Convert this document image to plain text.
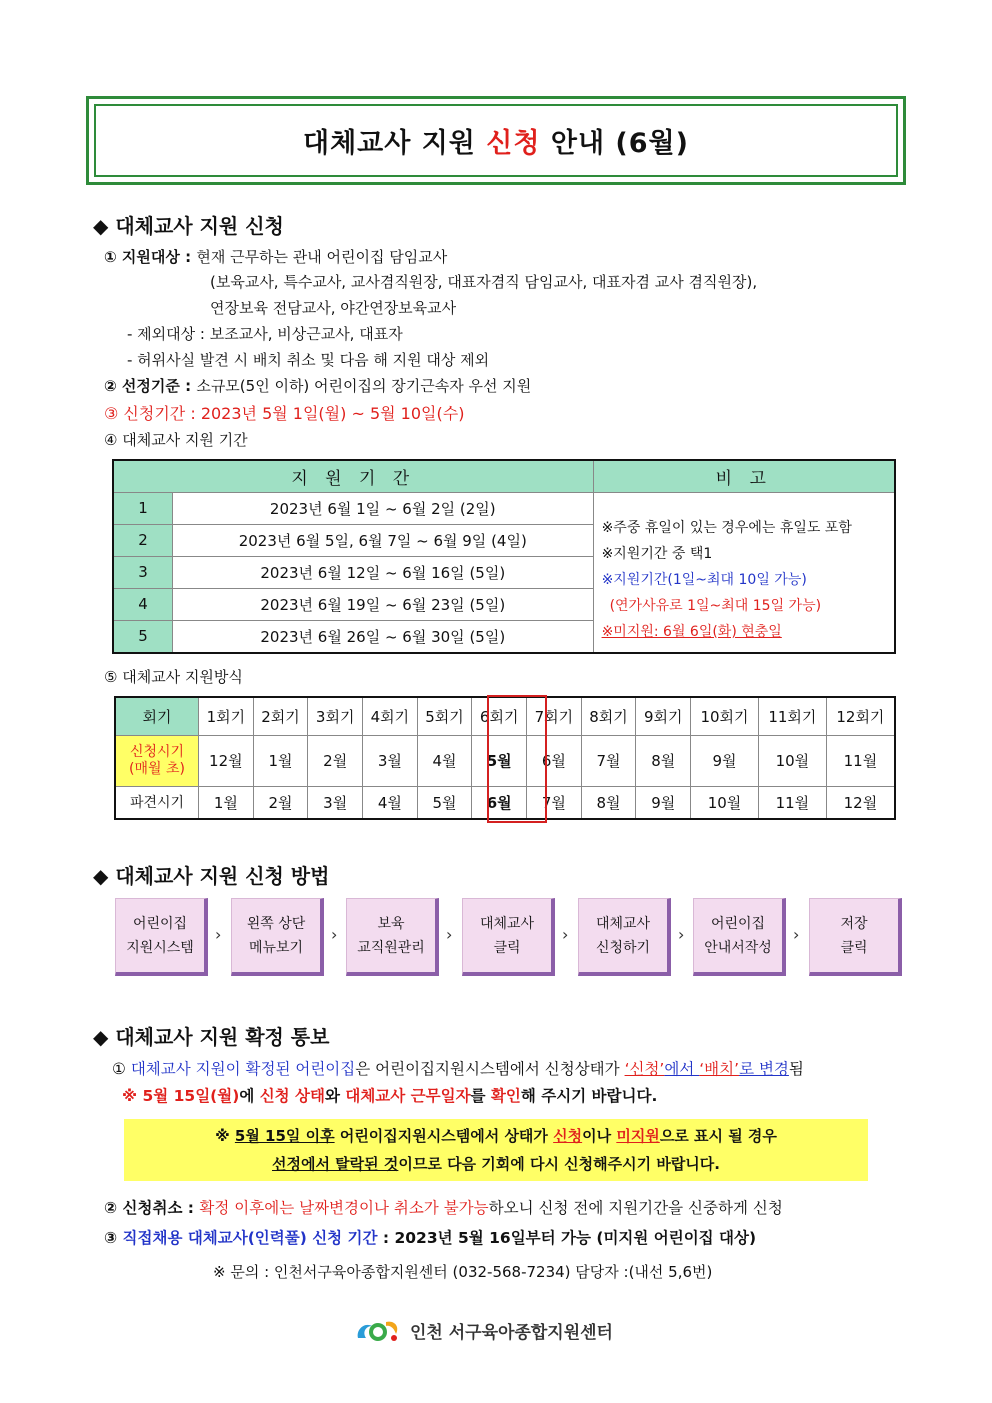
대체교사 지원 신청 안내 (6월)
◆ 대체교사 지원 신청
① 지원대상 : 현재 근무하는 관내 어린이집 담임교사
(보육교사, 특수교사, 교사겸직원장, 대표자겸직 담임교사, 대표자겸 교사 겸직원장),
연장보육 전담교사, 야간연장보육교사
- 제외대상 : 보조교사, 비상근교사, 대표자
- 허위사실 발견 시 배치 취소 및 다음 해 지원 대상 제외
② 선정기준 : 소규모(5인 이하) 어린이집의 장기근속자 우선 지원
③ 신청기간 : 2023년 5월 1일(월) ~ 5월 10일(수)
④ 대체교사 지원 기간
지 원 기 간		비 고
1	2023년 6월 1일 ~ 6월 2일 (2일)	※주중 휴일이 있는 경우에는 휴일도 포함
※지원기간 중 택1
※지원기간(1일~최대 10일 가능)
(연가사유로 1일~최대 15일 가능)
※미지원: 6월 6일(화) 현충일

2	2023년 6월 5일, 6월 7일 ~ 6월 9일 (4일)	
3	2023년 6월 12일 ~ 6월 16일 (5일)	
4	2023년 6월 19일 ~ 6월 23일 (5일)	
5	2023년 6월 26일 ~ 6월 30일 (5일)	
⑤ 대체교사 지원방식
회기	1회기	2회기	3회기	4회기	5회기	6회기	7회기	8회기	9회기	10회기	11회기	12회기
신청시기
(매월 초)	12월	1월	2월	3월	4월	5월	6월	7월	8월	9월	10월	11월
파견시기	1월	2월	3월	4월	5월	6월	7월	8월	9월	10월	11월	12월
◆ 대체교사 지원 신청 방법
어린이집
지원시스템
›
왼쪽 상단
메뉴보기
›
보육
교직원관리
›
대체교사
클릭
›
대체교사
신청하기
›
어린이집
안내서작성
›
저장
클릭
◆ 대체교사 지원 확정 통보
① 대체교사 지원이 확정된 어린이집은 어린이집지원시스템에서 신청상태가 ‘신청’에서 ‘배치’로 변경됨
※ 5월 15일(월)에 신청 상태와 대체교사 근무일자를 확인해 주시기 바랍니다.
※ 5월 15일 이후 어린이집지원시스템에서 상태가 신청이나 미지원으로 표시 될 경우
선정에서 탈락된 것이므로 다음 기회에 다시 신청해주시기 바랍니다.
② 신청취소 : 확정 이후에는 날짜변경이나 취소가 불가능하오니 신청 전에 지원기간을 신중하게 신청
③ 직접채용 대체교사(인력풀) 신청 기간 : 2023년 5월 16일부터 가능 (미지원 어린이집 대상)
※ 문의 : 인천서구육아종합지원센터 (032-568-7234) 담당자 :(내선 5,6번)
인천 서구육아종합지원센터
